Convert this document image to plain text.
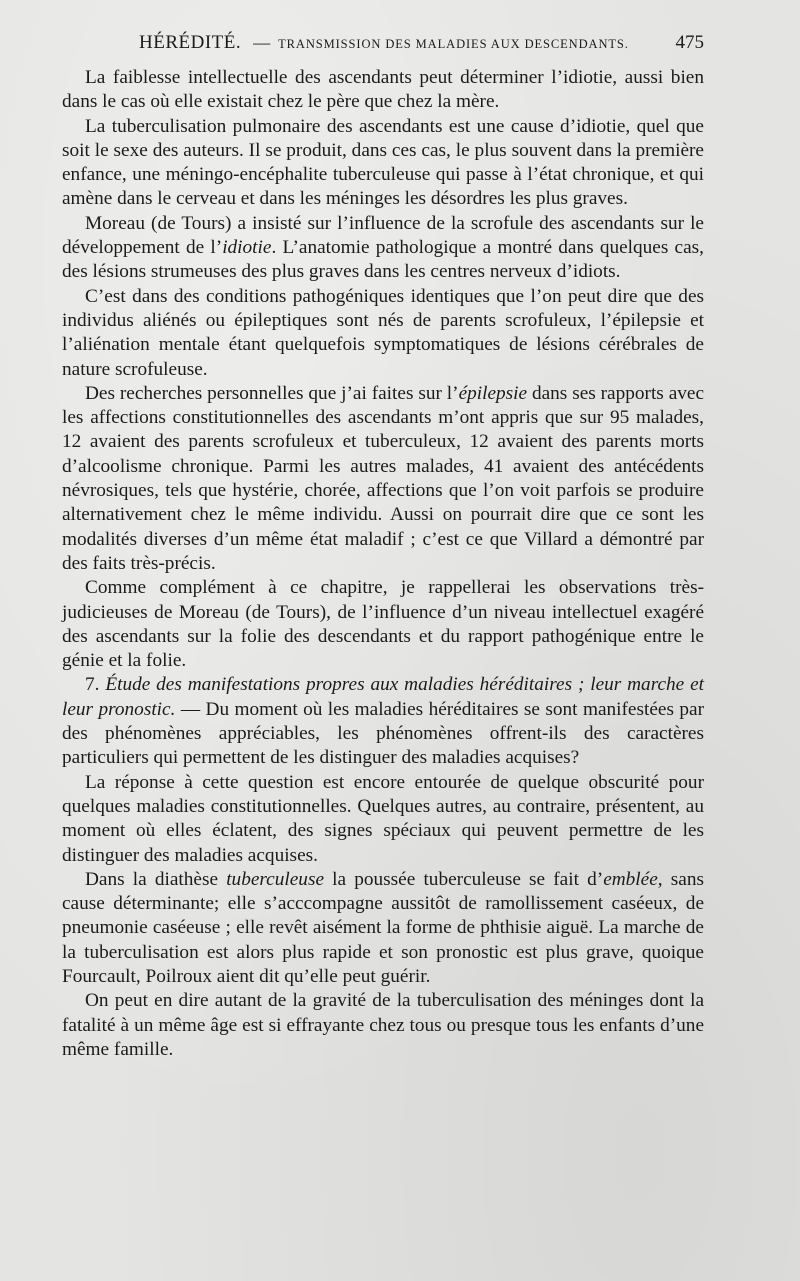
HÉRÉDITÉ. — TRANSMISSION DES MALADIES AUX DESCENDANTS. 475

La faiblesse intellectuelle des ascendants peut déterminer l’idiotie, aussi bien dans le cas où elle existait chez le père que chez la mère.

La tuberculisation pulmonaire des ascendants est une cause d’idiotie, quel que soit le sexe des auteurs. Il se produit, dans ces cas, le plus souvent dans la première enfance, une méningo-encéphalite tuberculeuse qui passe à l’état chronique, et qui amène dans le cerveau et dans les méninges les désordres les plus graves.

Moreau (de Tours) a insisté sur l’influence de la scrofule des ascendants sur le développement de l’idiotie. L’anatomie pathologique a montré dans quelques cas, des lésions strumeuses des plus graves dans les centres nerveux d’idiots.

C’est dans des conditions pathogéniques identiques que l’on peut dire que des individus aliénés ou épileptiques sont nés de parents scrofuleux, l’épilepsie et l’aliénation mentale étant quelquefois symptomatiques de lésions cérébrales de nature scrofuleuse.

Des recherches personnelles que j’ai faites sur l’épilepsie dans ses rapports avec les affections constitutionnelles des ascendants m’ont appris que sur 95 malades, 12 avaient des parents scrofuleux et tuberculeux, 12 avaient des parents morts d’alcoolisme chronique. Parmi les autres malades, 41 avaient des antécédents névrosiques, tels que hystérie, chorée, affections que l’on voit parfois se produire alternativement chez le même individu. Aussi on pourrait dire que ce sont les modalités diverses d’un même état maladif ; c’est ce que Villard a démontré par des faits très-précis.

Comme complément à ce chapitre, je rappellerai les observations très-judicieuses de Moreau (de Tours), de l’influence d’un niveau intellectuel exagéré des ascendants sur la folie des descendants et du rapport pathogénique entre le génie et la folie.

7. Étude des manifestations propres aux maladies héréditaires ; leur marche et leur pronostic. — Du moment où les maladies héréditaires se sont manifestées par des phénomènes appréciables, les phénomènes offrent-ils des caractères particuliers qui permettent de les distinguer des maladies acquises?

La réponse à cette question est encore entourée de quelque obscurité pour quelques maladies constitutionnelles. Quelques autres, au contraire, présentent, au moment où elles éclatent, des signes spéciaux qui peuvent permettre de les distinguer des maladies acquises.

Dans la diathèse tuberculeuse la poussée tuberculeuse se fait d’emblée, sans cause déterminante; elle s’acccompagne aussitôt de ramollissement caséeux, de pneumonie caséeuse ; elle revêt aisément la forme de phthisie aiguë. La marche de la tuberculisation est alors plus rapide et son pronostic est plus grave, quoique Fourcault, Poilroux aient dit qu’elle peut guérir.

On peut en dire autant de la gravité de la tuberculisation des méninges dont la fatalité à un même âge est si effrayante chez tous ou presque tous les enfants d’une même famille.
